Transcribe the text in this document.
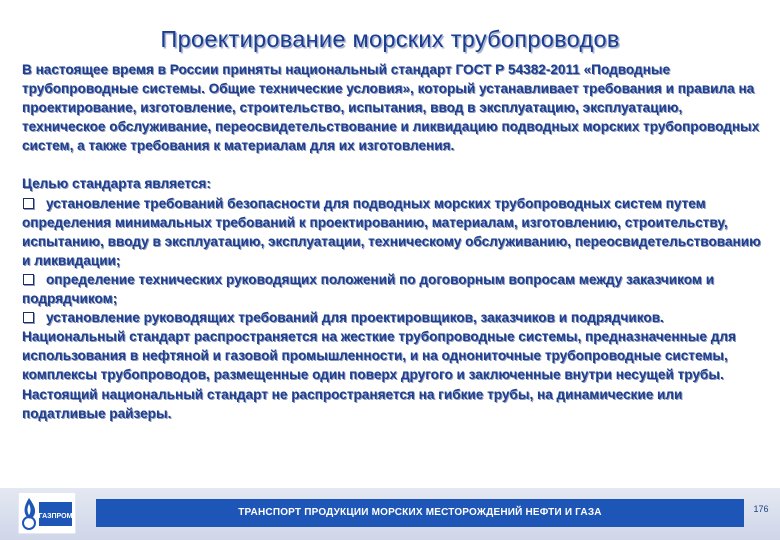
Проектирование морских трубопроводов

В настоящее время в России приняты национальный стандарт ГОСТ Р 54382-2011 «Подводные трубопроводные системы. Общие технические условия», который устанавливает требования и правила на проектирование, изготовление, строительство, испытания, ввод в эксплуатацию, эксплуатацию, техническое обслуживание, переосвидетельствование и ликвидацию подводных морских трубопроводных систем, а также требования к материалам для их изготовления.

Целью стандарта является:

установление требований безопасности для подводных морских трубопроводных систем путем определения минимальных требований к проектированию, материалам, изготовлению, строительству, испытанию, вводу в эксплуатацию, эксплуатации, техническому обслуживанию, переосвидетельствованию и ликвидации;

определение технических руководящих положений по договорным вопросам между заказчиком и подрядчиком;

установление руководящих требований для проектировщиков, заказчиков и подрядчиков.

Национальный стандарт распространяется на жесткие трубопроводные системы, предназначенные для использования в нефтяной и газовой промышленности, и на однониточные трубопроводные системы, комплексы трубопроводов, размещенные один поверх другого и заключенные внутри несущей трубы.

Настоящий национальный стандарт не распространяется на гибкие трубы, на динамические или податливые райзеры.

ГАЗПРОМ	ТРАНСПОРТ ПРОДУКЦИИ МОРСКИХ МЕСТОРОЖДЕНИЙ НЕФТИ И ГАЗА	176
